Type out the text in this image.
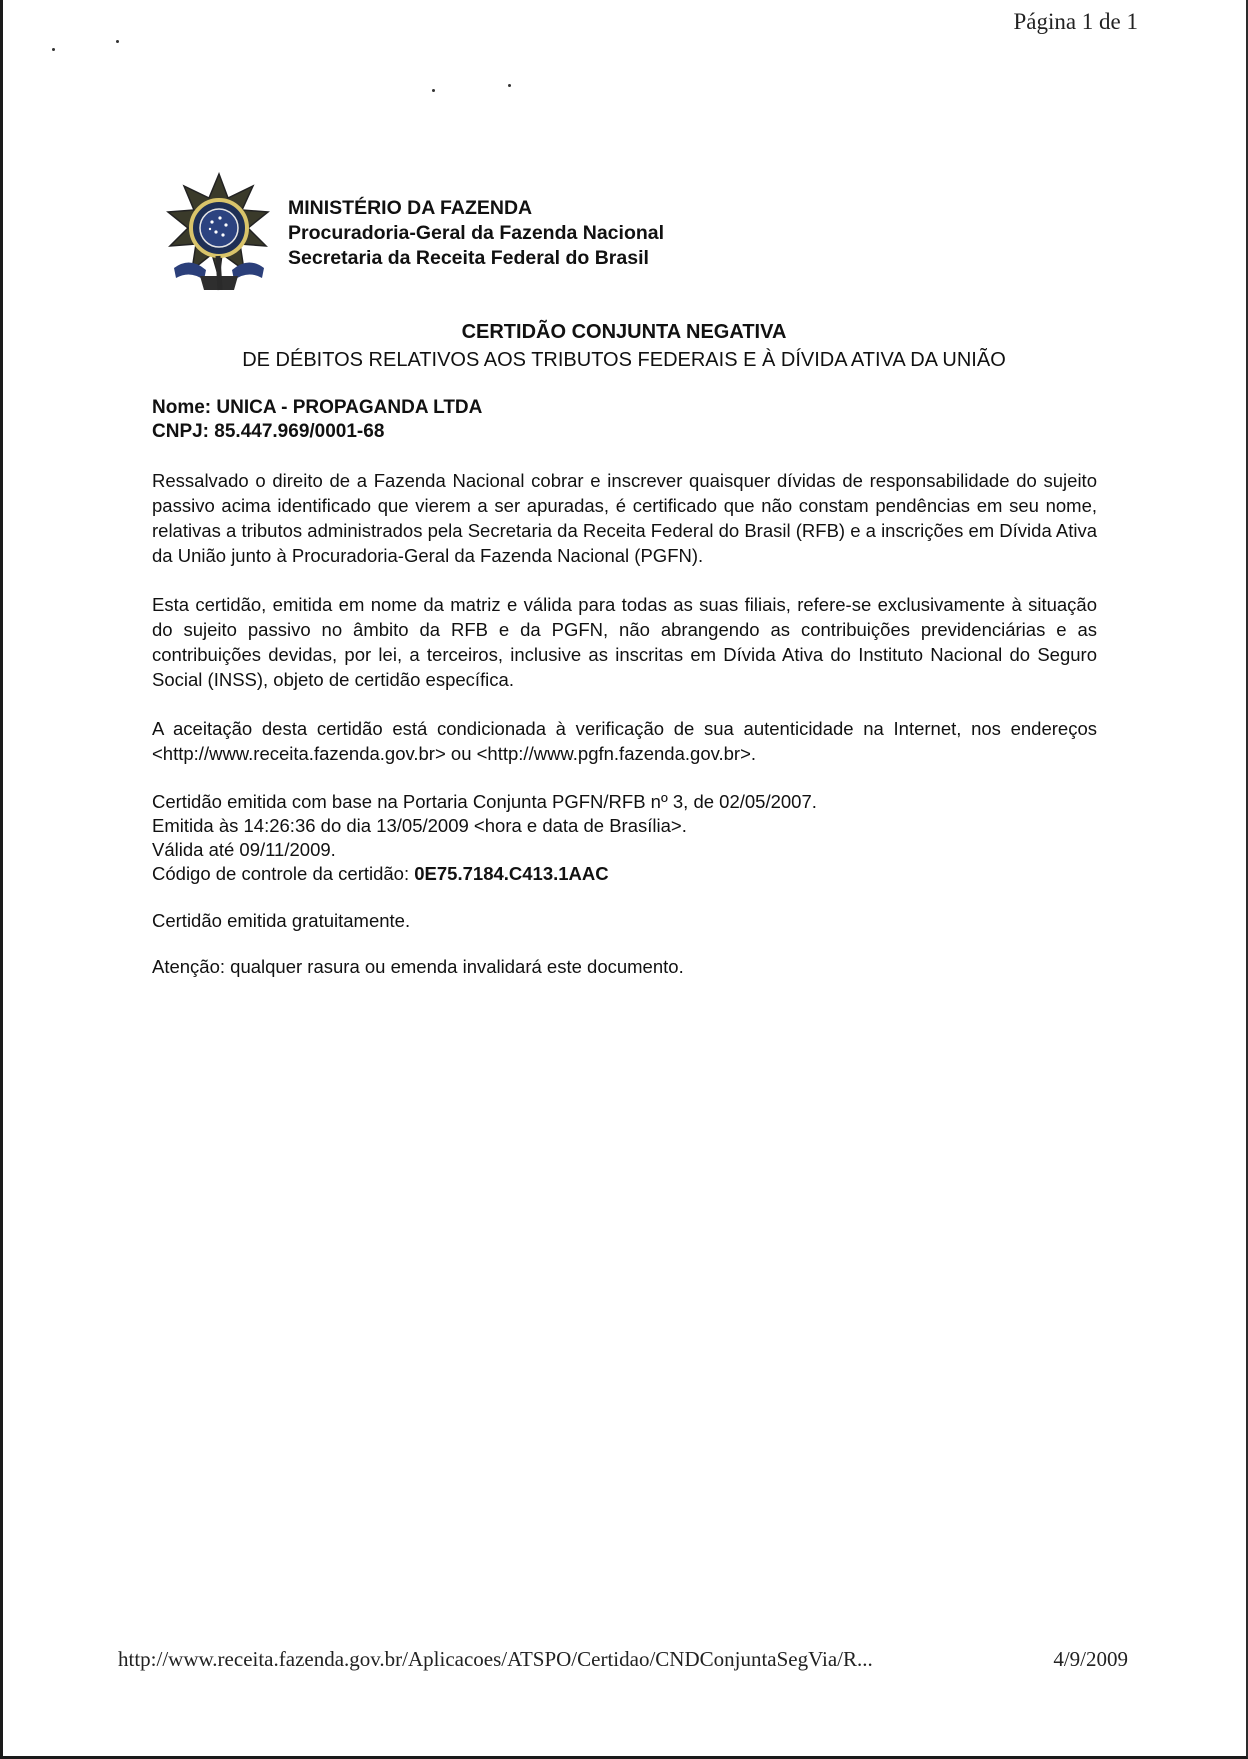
Página 1 de 1
MINISTÉRIO DA FAZENDA
Procuradoria-Geral da Fazenda Nacional
Secretaria da Receita Federal do Brasil
CERTIDÃO CONJUNTA NEGATIVA
DE DÉBITOS RELATIVOS AOS TRIBUTOS FEDERAIS E À DÍVIDA ATIVA DA UNIÃO
Nome: UNICA - PROPAGANDA LTDA
CNPJ: 85.447.969/0001-68

Ressalvado o direito de a Fazenda Nacional cobrar e inscrever quaisquer dívidas de responsabilidade do sujeito passivo acima identificado que vierem a ser apuradas, é certificado que não constam pendências em seu nome, relativas a tributos administrados pela Secretaria da Receita Federal do Brasil (RFB) e a inscrições em Dívida Ativa da União junto à Procuradoria-Geral da Fazenda Nacional (PGFN).

Esta certidão, emitida em nome da matriz e válida para todas as suas filiais, refere-se exclusivamente à situação do sujeito passivo no âmbito da RFB e da PGFN, não abrangendo as contribuições previdenciárias e as contribuições devidas, por lei, a terceiros, inclusive as inscritas em Dívida Ativa do Instituto Nacional do Seguro Social (INSS), objeto de certidão específica.

A aceitação desta certidão está condicionada à verificação de sua autenticidade na Internet, nos endereços <http://www.receita.fazenda.gov.br> ou <http://www.pgfn.fazenda.gov.br>.

Certidão emitida com base na Portaria Conjunta PGFN/RFB nº 3, de 02/05/2007.
Emitida às 14:26:36 do dia 13/05/2009 <hora e data de Brasília>.
Válida até 09/11/2009.
Código de controle da certidão: 0E75.7184.C413.1AAC
Certidão emitida gratuitamente.
Atenção: qualquer rasura ou emenda invalidará este documento.
http://www.receita.fazenda.gov.br/Aplicacoes/ATSPO/Certidao/CNDConjuntaSegVia/R...	4/9/2009
